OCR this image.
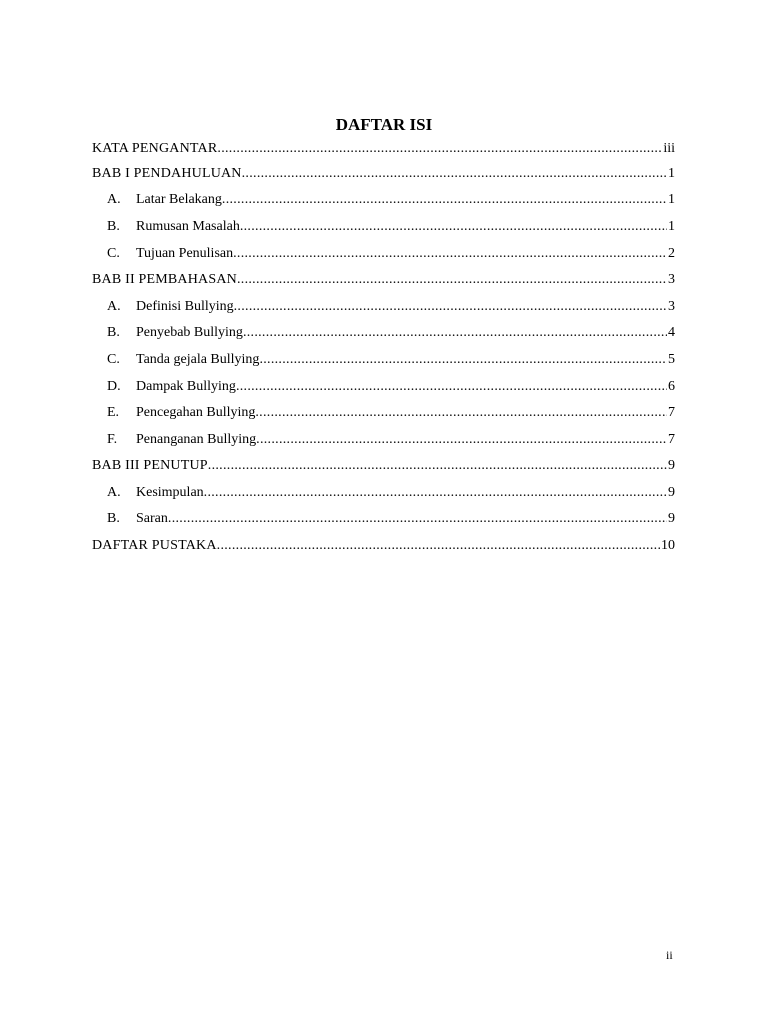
DAFTAR ISI
KATA PENGANTAR .....	iii
BAB I PENDAHULUAN .....	1
A.	Latar Belakang .....	1
B.	Rumusan Masalah .....	1
C.	Tujuan Penulisan .....	2
BAB II PEMBAHASAN .....	3
A.	Definisi Bullying .....	3
B.	Penyebab Bullying .....	4
C.	Tanda gejala Bullying .....	5
D.	Dampak Bullying .....	6
E.	Pencegahan Bullying .....	7
F.	Penanganan Bullying .....	7
BAB III PENUTUP .....	9
A.	Kesimpulan .....	9
B.	Saran .....	9
DAFTAR PUSTAKA .....	10
ii
